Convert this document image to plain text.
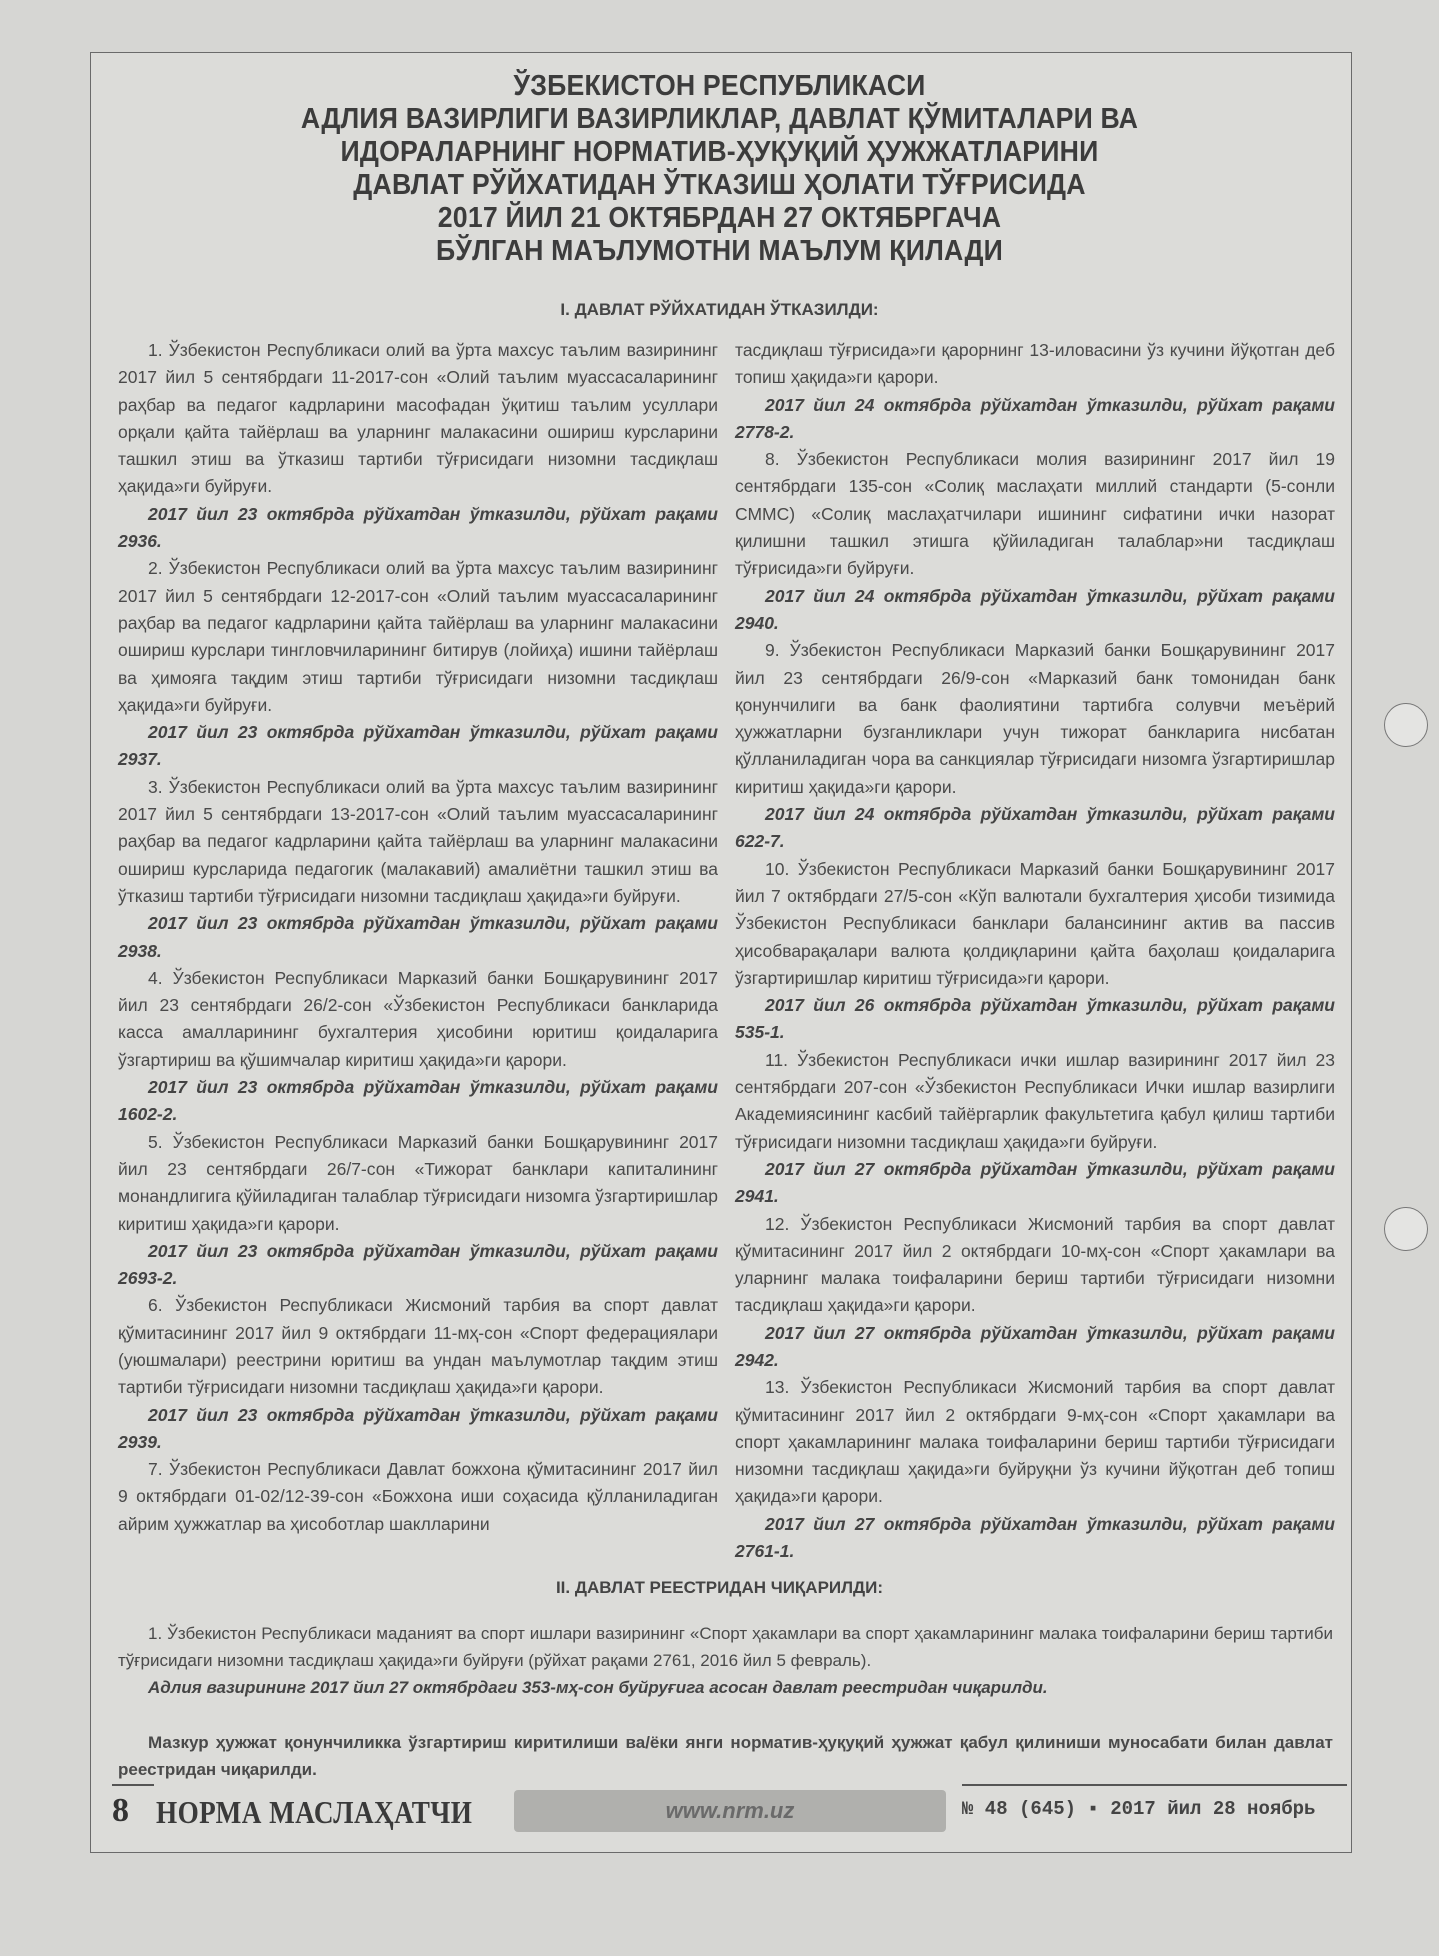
ЎЗБЕКИСТОН РЕСПУБЛИКАСИ
АДЛИЯ ВАЗИРЛИГИ ВАЗИРЛИКЛАР, ДАВЛАТ ҚЎМИТАЛАРИ ВА
ИДОРАЛАРНИНГ НОРМАТИВ-ҲУҚУҚИЙ ҲУЖЖАТЛАРИНИ
ДАВЛАТ РЎЙХАТИДАН ЎТКАЗИШ ҲОЛАТИ ТЎҒРИСИДА
2017 ЙИЛ 21 ОКТЯБРДАН 27 ОКТЯБРГАЧА
БЎЛГАН МАЪЛУМОТНИ МАЪЛУМ ҚИЛАДИ
I. ДАВЛАТ РЎЙХАТИДАН ЎТКАЗИЛДИ:

1. Ўзбекистон Республикаси олий ва ўрта махсус таълим вазирининг 2017 йил 5 сентябрдаги 11-2017-сон «Олий таълим муассасаларининг раҳбар ва педагог кадрларини масофадан ўқитиш таълим усуллари орқали қайта тайёрлаш ва уларнинг малакасини ошириш курсларини ташкил этиш ва ўтказиш тартиби тўғрисидаги низомни тасдиқлаш ҳақида»ги буйруғи.

2017 йил 23 октябрда рўйхатдан ўтказилди, рўйхат рақами 2936.

2. Ўзбекистон Республикаси олий ва ўрта махсус таълим вазирининг 2017 йил 5 сентябрдаги 12-2017-сон «Олий таълим муассасаларининг раҳбар ва педагог кадрларини қайта тайёрлаш ва уларнинг малакасини ошириш курслари тингловчиларининг битирув (лойиҳа) ишини тайёрлаш ва ҳимояга тақдим этиш тартиби тўғрисидаги низомни тасдиқлаш ҳақида»ги буйруғи.

2017 йил 23 октябрда рўйхатдан ўтказилди, рўйхат рақами 2937.

3. Ўзбекистон Республикаси олий ва ўрта махсус таълим вазирининг 2017 йил 5 сентябрдаги 13-2017-сон «Олий таълим муассасаларининг раҳбар ва педагог кадрларини қайта тайёрлаш ва уларнинг малакасини ошириш курсларида педагогик (малакавий) амалиётни ташкил этиш ва ўтказиш тартиби тўғрисидаги низомни тасдиқлаш ҳақида»ги буйруғи.

2017 йил 23 октябрда рўйхатдан ўтказилди, рўйхат рақами 2938.

4. Ўзбекистон Республикаси Марказий банки Бошқарувининг 2017 йил 23 сентябрдаги 26/2-сон «Ўзбекистон Республикаси банкларида касса амалларининг бухгалтерия ҳисобини юритиш қоидаларига ўзгартириш ва қўшимчалар киритиш ҳақида»ги қарори.

2017 йил 23 октябрда рўйхатдан ўтказилди, рўйхат рақами 1602-2.

5. Ўзбекистон Республикаси Марказий банки Бошқарувининг 2017 йил 23 сентябрдаги 26/7-сон «Тижорат банклари капиталининг монандлигига қўйиладиган талаблар тўғрисидаги низомга ўзгартиришлар киритиш ҳақида»ги қарори.

2017 йил 23 октябрда рўйхатдан ўтказилди, рўйхат рақами 2693-2.

6. Ўзбекистон Республикаси Жисмоний тарбия ва спорт давлат қўмитасининг 2017 йил 9 октябрдаги 11-мҳ-сон «Спорт федерациялари (уюшмалари) реестрини юритиш ва ундан маълумотлар тақдим этиш тартиби тўғрисидаги низомни тасдиқлаш ҳақида»ги қарори.

2017 йил 23 октябрда рўйхатдан ўтказилди, рўйхат рақами 2939.

7. Ўзбекистон Республикаси Давлат божхона қўмитасининг 2017 йил 9 октябрдаги 01-02/12-39-сон «Божхона иши соҳасида қўлланиладиган айрим ҳужжатлар ва ҳисоботлар шаклларини

тасдиқлаш тўғрисида»ги қарорнинг 13-иловасини ўз кучини йўқотган деб топиш ҳақида»ги қарори.

2017 йил 24 октябрда рўйхатдан ўтказилди, рўйхат рақами 2778-2.

8. Ўзбекистон Республикаси молия вазирининг 2017 йил 19 сентябрдаги 135-сон «Солиқ маслаҳати миллий стандарти (5-сонли СММС) «Солиқ маслаҳатчилари ишининг сифатини ички назорат қилишни ташкил этишга қўйиладиган талаблар»ни тасдиқлаш тўғрисида»ги буйруғи.

2017 йил 24 октябрда рўйхатдан ўтказилди, рўйхат рақами 2940.

9. Ўзбекистон Республикаси Марказий банки Бошқарувининг 2017 йил 23 сентябрдаги 26/9-сон «Марказий банк томонидан банк қонунчилиги ва банк фаолиятини тартибга солувчи меъёрий ҳужжатларни бузганликлари учун тижорат банкларига нисбатан қўлланиладиган чора ва санкциялар тўғрисидаги низомга ўзгартиришлар киритиш ҳақида»ги қарори.

2017 йил 24 октябрда рўйхатдан ўтказилди, рўйхат рақами 622-7.

10. Ўзбекистон Республикаси Марказий банки Бошқарувининг 2017 йил 7 октябрдаги 27/5-сон «Кўп валютали бухгалтерия ҳисоби тизимида Ўзбекистон Республикаси банклари балансининг актив ва пассив ҳисобварақалари валюта қолдиқларини қайта баҳолаш қоидаларига ўзгартиришлар киритиш тўғрисида»ги қарори.

2017 йил 26 октябрда рўйхатдан ўтказилди, рўйхат рақами 535-1.

11. Ўзбекистон Республикаси ички ишлар вазирининг 2017 йил 23 сентябрдаги 207-сон «Ўзбекистон Республикаси Ички ишлар вазирлиги Академиясининг касбий тайёргарлик факультетига қабул қилиш тартиби тўғрисидаги низомни тасдиқлаш ҳақида»ги буйруғи.

2017 йил 27 октябрда рўйхатдан ўтказилди, рўйхат рақами 2941.

12. Ўзбекистон Республикаси Жисмоний тарбия ва спорт давлат қўмитасининг 2017 йил 2 октябрдаги 10-мҳ-сон «Спорт ҳакамлари ва уларнинг малака тоифаларини бериш тартиби тўғрисидаги низомни тасдиқлаш ҳақида»ги қарори.

2017 йил 27 октябрда рўйхатдан ўтказилди, рўйхат рақами 2942.

13. Ўзбекистон Республикаси Жисмоний тарбия ва спорт давлат қўмитасининг 2017 йил 2 октябрдаги 9-мҳ-сон «Спорт ҳакамлари ва спорт ҳакамларининг малака тоифаларини бериш тартиби тўғрисидаги низомни тасдиқлаш ҳақида»ги буйруқни ўз кучини йўқотган деб топиш ҳақида»ги қарори.

2017 йил 27 октябрда рўйхатдан ўтказилди, рўйхат рақами 2761-1.

II. ДАВЛАТ РЕЕСТРИДАН ЧИҚАРИЛДИ:

1. Ўзбекистон Республикаси маданият ва спорт ишлари вазирининг «Спорт ҳакамлари ва спорт ҳакамларининг малака тоифаларини бериш тартиби тўғрисидаги низомни тасдиқлаш ҳақида»ги буйруғи (рўйхат рақами 2761, 2016 йил 5 февраль).

Адлия вазирининг 2017 йил 27 октябрдаги 353-мҳ-сон буйруғига асосан давлат реестридан чиқарилди.

Мазкур ҳужжат қонунчиликка ўзгартириш киритилиши ва/ёки янги норматив-ҳуқуқий ҳужжат қабул қилиниши муносабати билан давлат реестридан чиқарилди.

8 НОРМА МАСЛАҲАТЧИ	www.nrm.uz	№ 48 (645) ▪ 2017 йил 28 ноябрь
